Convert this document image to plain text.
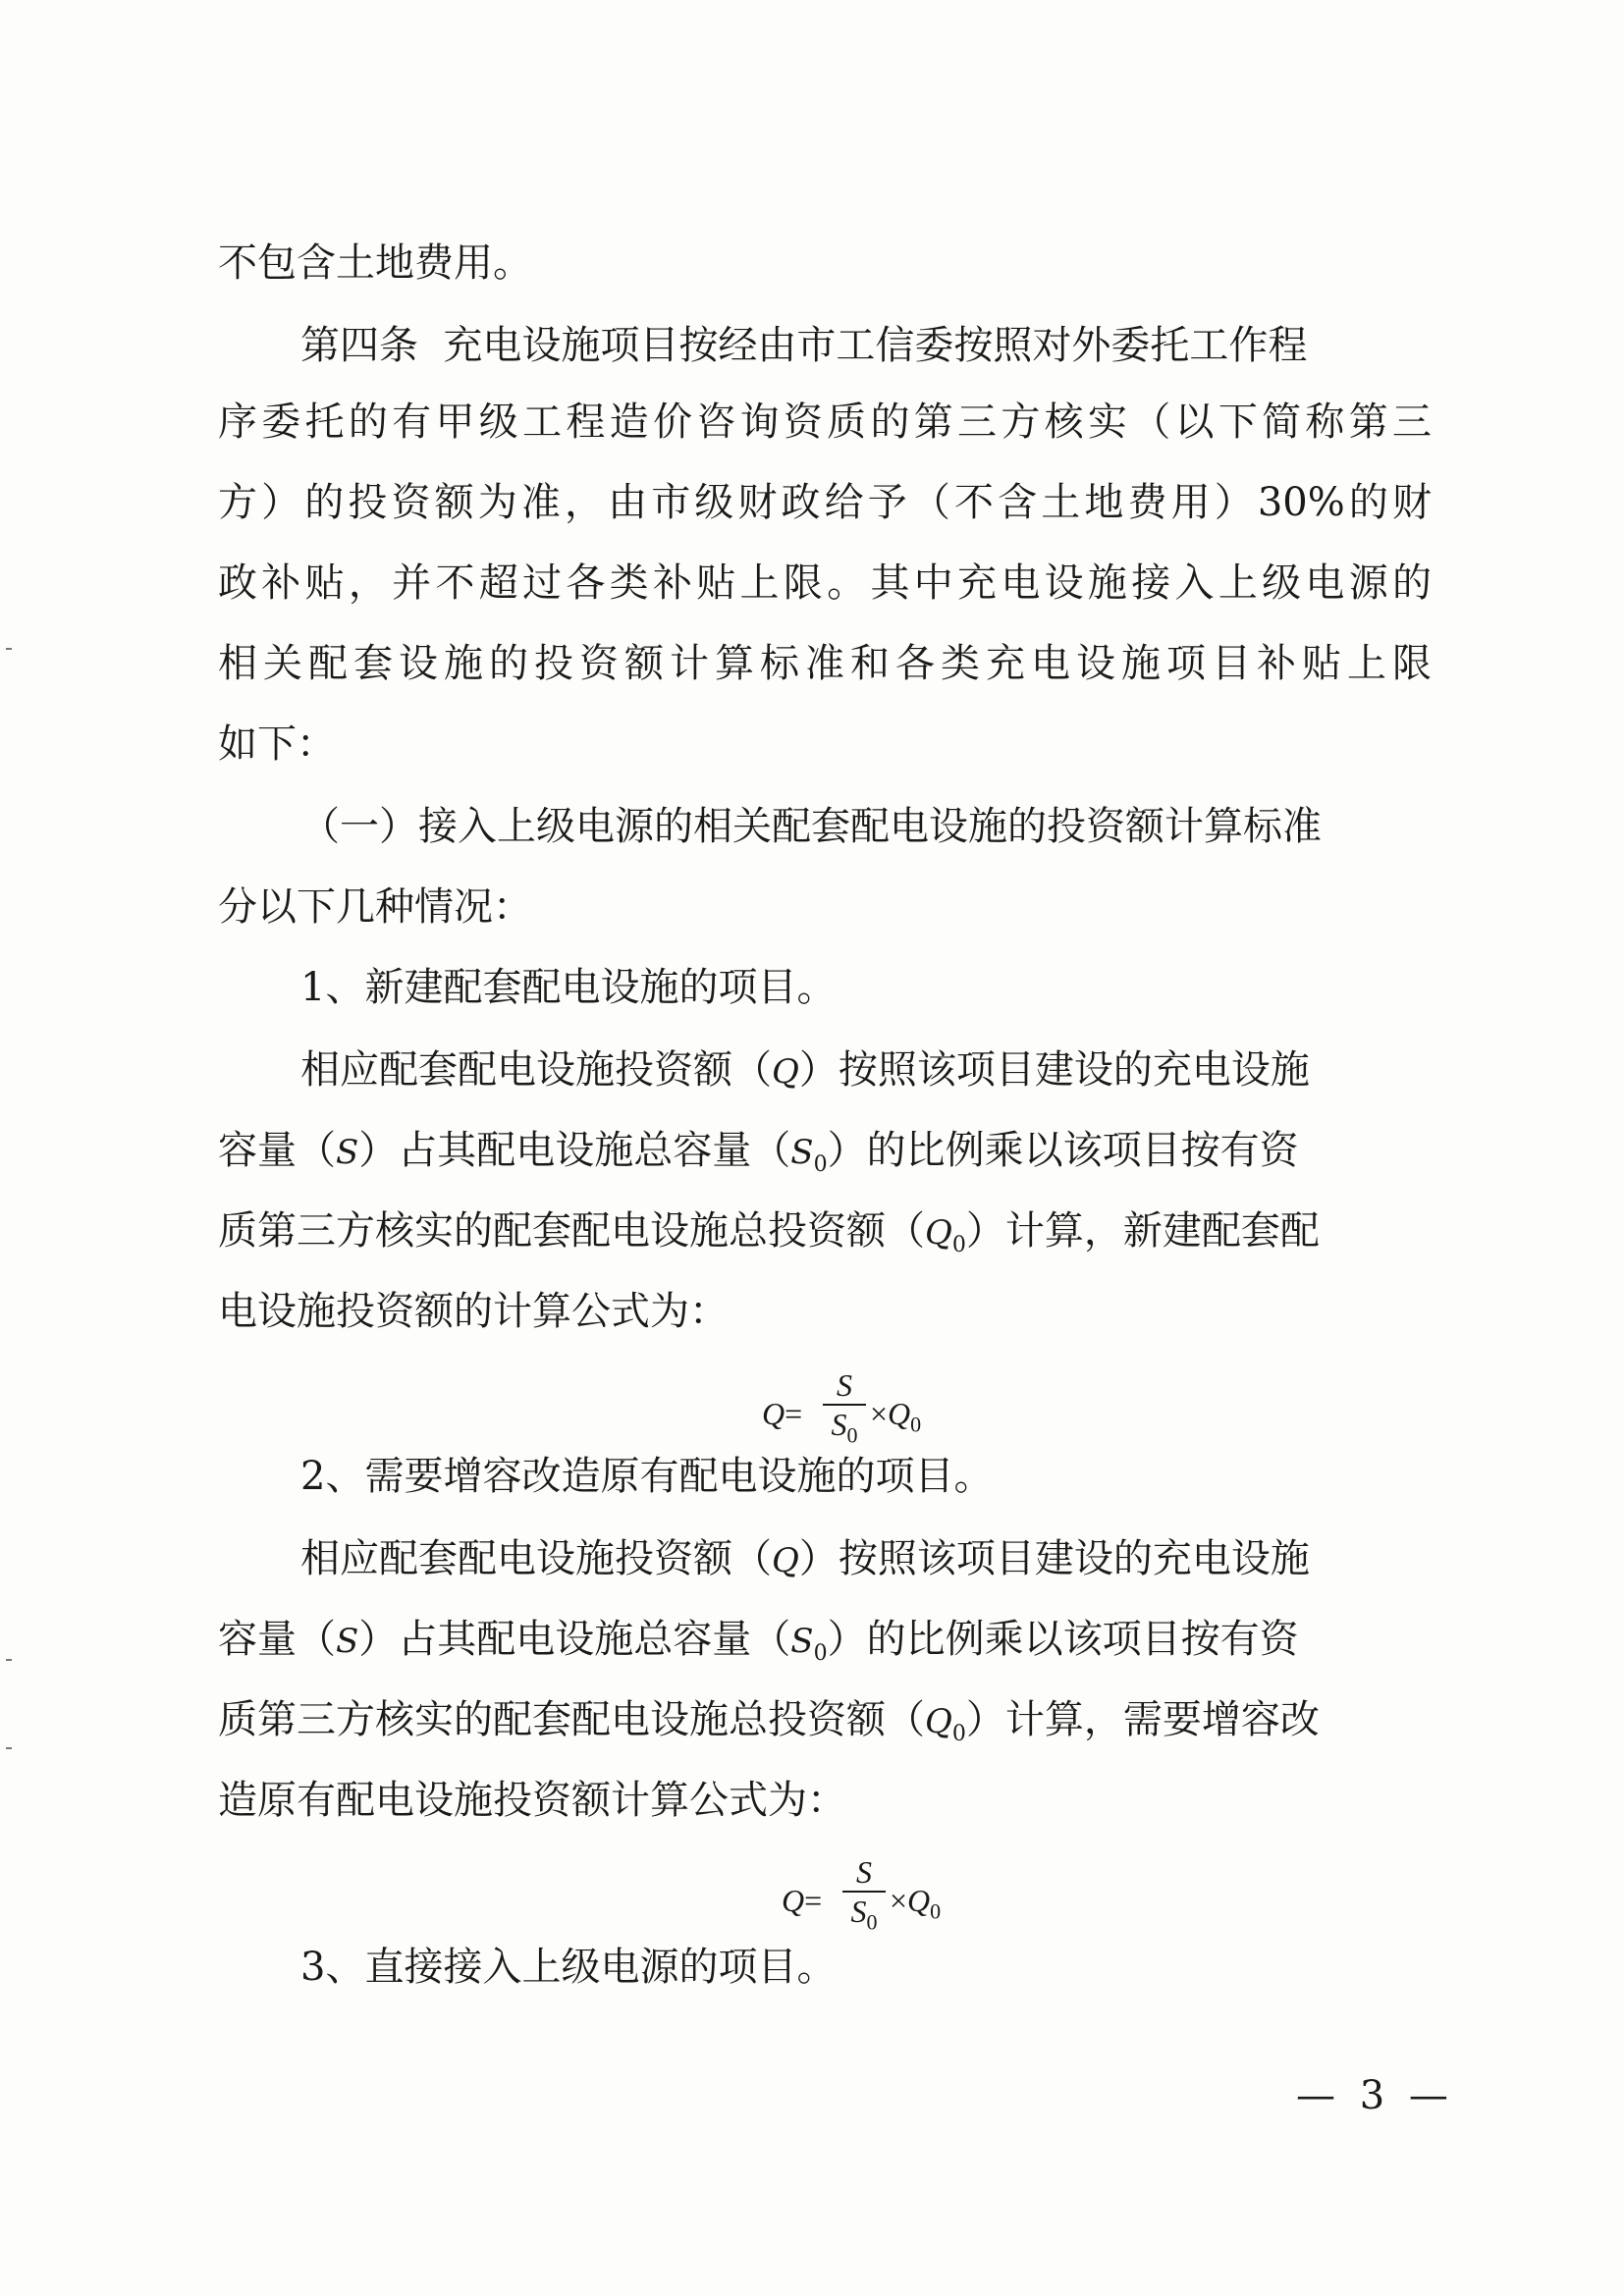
不包含土地费用。
第四条  充电设施项目按经由市工信委按照对外委托工作程
序委托的有甲级工程造价咨询资质的第三方核实（以下简称第三
方）的投资额为准，由市级财政给予（不含土地费用）30%的财
政补贴，并不超过各类补贴上限。其中充电设施接入上级电源的
相关配套设施的投资额计算标准和各类充电设施项目补贴上限
如下：
（一）接入上级电源的相关配套配电设施的投资额计算标准
分以下几种情况：
1、新建配套配电设施的项目。
相应配套配电设施投资额（Q）按照该项目建设的充电设施
容量（S）占其配电设施总容量$(S_0)$的比例乘以该项目按有资
质第三方核实的配套配电设施总投资额$(Q_0)$计算，新建配套配
电设施投资额的计算公式为：
Q=
S
$S_0$
$\times Q_0$
2、需要增容改造原有配电设施的项目。
相应配套配电设施投资额（Q）按照该项目建设的充电设施
容量（S）占其配电设施总容量$(S_0)$的比例乘以该项目按有资
质第三方核实的配套配电设施总投资额$(Q_0)$计算，需要增容改
造原有配电设施投资额计算公式为：
Q=
S
$S_0$
$\times Q_0$
3、直接接入上级电源的项目。
— 3 —
